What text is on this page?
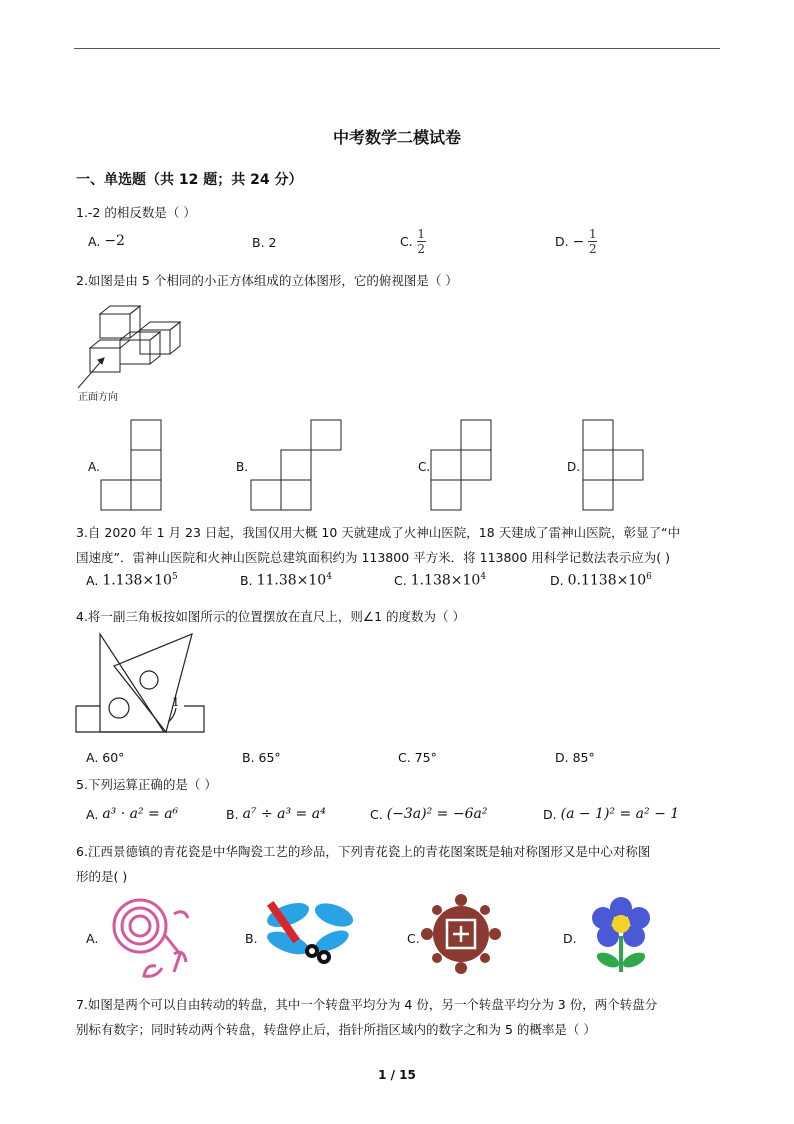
中考数学二模试卷
一、单选题（共 12 题；共 24 分）
1.-2 的相反数是（ ）
A. −2	B. 2	C. $\frac{1}{2}$	D. − $\frac{1}{2}$
2.如图是由 5 个相同的小正方体组成的立体图形，它的俯视图是（ ）
正面方向
A.	B.	C.	D.
3.自 2020 年 1 月 23 日起，我国仅用大概 10 天就建成了火神山医院，18 天建成了雷神山医院，彰显了“中
国速度”．雷神山医院和火神山医院总建筑面积约为 113800 平方米．将 113800 用科学记数法表示应为( )
A. $1.138\times 10^5$	B. $11.38\times 10^4$	C. $1.138\times 10^4$	D. $0.1138\times 10^6$
4.将一副三角板按如图所示的位置摆放在直尺上，则∠1 的度数为（ ）
1
A. 60°	B. 65°	C. 75°	D. 85°
5.下列运算正确的是（ ）
A. a³ · a² = a⁶	B. a⁷ ÷ a³ = a⁴	C. (−3a)² = −6a²	D. (a − 1)² = a² − 1
6.江西景德镇的青花瓷是中华陶瓷工艺的珍品，下列青花瓷上的青花图案既是轴对称图形又是中心对称图
形的是( )
A.	B.	C.	D.
7.如图是两个可以自由转动的转盘，其中一个转盘平均分为 4 份，另一个转盘平均分为 3 份，两个转盘分
别标有数字；同时转动两个转盘，转盘停止后，指针所指区域内的数字之和为 5 的概率是（ ）
1 / 15
